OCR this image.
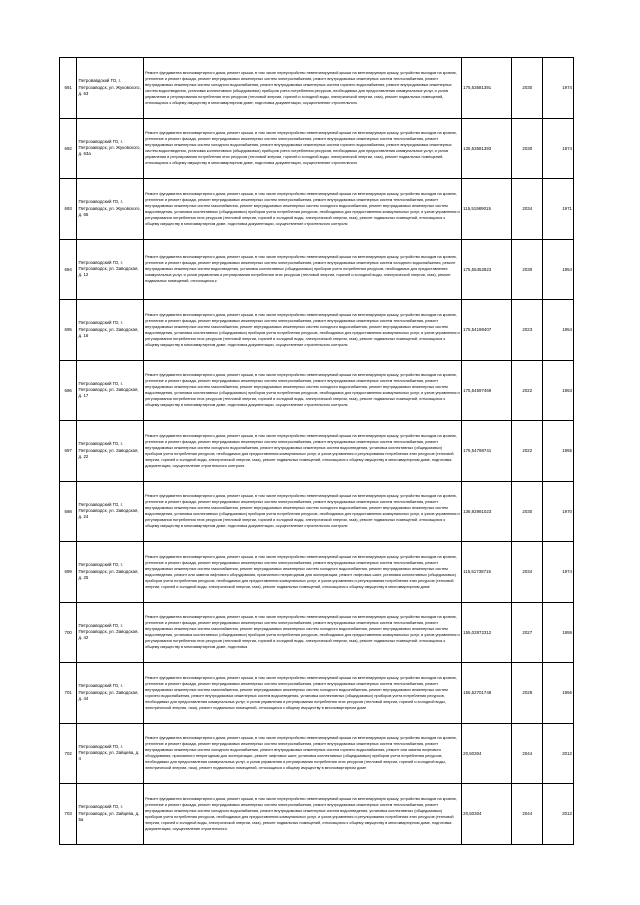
691	Петровавдский ГО, г. Петрозаводск, ул. Жуковского, д. 63	Ремонт фундамента многоквартирного дома, ремонт крыши, в том числе переустройство невентилируемой крыши на вентилируемую крышу, устройство выходов на кровлю, утепление и ремонт фасада, ремонт внутридомовых инженерных систем электроснабжения, ремонт внутридомовых инженерных систем теплоснабжения, ремонт внутридомовых инженерных систем холодного водоснабжения, ремонт внутридомовых инженерных систем горячего водоснабжения, ремонт внутридомовых инженерных систем водоотведения, установка коллективных (общедомовых) приборов учета потребления ресурсов, необходимых для предоставления коммунальных услуг, и узлов управления и регулирования потребления этих ресурсов (тепловой энергии, горячей и холодной воды, электрической энергии, газа), ремонт подвальных помещений, относящихся к общему имуществу в многоквартирном доме, подготовка документации, осуществление строительного	175,53581391	2030	1974
692	Петрозаводский ГО, г. Петрозаводск, ул. Жуковского, д. 63а	Ремонт фундамента многоквартирного дома, ремонт крыши, в том числе переустройство невентилируемой крыши на вентилируемую крышу, устройство выходов на кровлю, утепление и ремонт фасада, ремонт внутридомовых инженерных систем электроснабжения, ремонт внутридомовых инженерных систем теплоснабжения, ремонт внутридомовых инженерных систем холодного водоснабжения, ремонт внутридомовых инженерных систем горячего водоснабжения, ремонт внутридомовых инженерных систем водоотведения, установка коллективных (общедомовых) приборов учета потребления ресурсов, необходимых для предоставления коммунальных услуг, и узлов управления и регулирования потребления этих ресурсов (тепловой энергии, горячей и холодной воды, электрической энергии, газа), ремонт подвальных помещений, относящихся к общему имуществу в многоквартирном доме, подготовка документации, осуществление строительного	135,53581393	2030	1974
693	Петрозаводский ГО, г. Петрозаводск, ул. Жуковского, д. 65	Ремонт фундамента многоквартирного дома, ремонт крыши, в том числе переустройство невентилируемой крыши на вентилируемую крышу, устройство выходов на кровлю, утепление и ремонт фасада, ремонт внутридомовых инженерных систем электроснабжения, ремонт внутридомовых инженерных систем теплоснабжения, ремонт внутридомовых инженерных систем газоснабжения, ремонт внутридомовых инженерных систем холодного водоснабжения, ремонт внутридомовых инженерных систем водоотведения, установка коллективных (общедомовых) приборов учета потребления ресурсов, необходимых для предоставления коммунальных услуг, и узлов управления и регулирования потребления этих ресурсов (тепловой энергии, горячей и холодной воды, электрической энергии, газа), ремонт подвальных помещений, относящихся к общему имуществу в многоквартирном доме, подготовка документации, осуществление строительного контроля	115,51989015	2034	1971
694	Петрозаводский ГО, г. Петрозаводск, ул. Заводская, д. 12	Ремонт фундамента многоквартирного дома, ремонт крыши, в том числе переустройство невентилируемой крыши на вентилируемую крышу, устройство выходов на кровлю, утепление и ремонт фасада, ремонт внутридомовых инженерных систем электроснабжения, ремонт внутридомовых инженерных систем холодного водоснабжения, ремонт внутридомовых инженерных систем водоотведения, установка коллективных (общедомовых) приборов учета потребления ресурсов, необходимых для предоставления коммунальных услуг, и узлов управления и регулирования потребления этих ресурсов (тепловой энергии, горячей и холодной воды, электрической энергии, газа), ремонт подвальных помещений, относящихся к	175,55452823	2030	1954
695	Петрозаводский ГО, г. Петрозаводск, ул. Заводская, д. 16	Ремонт фундамента многоквартирного дома, ремонт крыши, в том числе переустройство невентилируемой крыши на вентилируемую крышу, устройство выходов на кровлю, утепление и ремонт фасада, ремонт внутридомовых инженерных систем электроснабжения, ремонт внутридомовых инженерных систем теплоснабжения, ремонт внутридомовых инженерных систем газоснабжения, ремонт внутридомовых инженерных систем холодного водоснабжения, ремонт внутридомовых инженерных систем водоотведения, установка коллективных (общедомовых) приборов учета потребления ресурсов, необходимых для предоставления коммунальных услуг, и узлов управления и регулирования потребления этих ресурсов (тепловой энергии, горячей и холодной воды, электрической энергии, газа), ремонт подвальных помещений, относящихся к общему имуществу в многоквартирном доме, подготовка документации, осуществление строительного контроля	175,54198407	2023	1954
696	Петрозаводский ГО, г. Петрозаводск, ул. Заводская, д. 17	Ремонт фундамента многоквартирного дома, ремонт крыши, в том числе переустройство невентилируемой крыши на вентилируемую крышу, устройство выходов на кровлю, утепление и ремонт фасада, ремонт внутридомовых инженерных систем электроснабжения, ремонт внутридомовых инженерных систем теплоснабжения, ремонт внутридомовых инженерных систем газоснабжения, ремонт внутридомовых инженерных систем холодного водоснабжения, ремонт внутридомовых инженерных систем водоотведения, установка коллективных (общедомовых) приборов учета потребления ресурсов, необходимых для предоставления коммунальных услуг, и узлов управления и регулирования потребления этих ресурсов (тепловой энергии, горячей и холодной воды, электрической энергии, газа), ремонт подвальных помещений, относящихся к общему имуществу в многоквартирном доме, подготовка документации, осуществление строительного контроля	175,54597469	2022	1953
697	Петрозаводский ГО, г. Петрозаводск, ул. Заводская, д. 22	Ремонт фундамента многоквартирного дома, ремонт крыши, в том числе переустройство невентилируемой крыши на вентилируемую крышу, устройство выходов на кровлю, утепление и ремонт фасада, ремонт внутридомовых инженерных систем электроснабжения, ремонт внутридомовых инженерных систем теплоснабжения, ремонт внутридомовых инженерных систем холодного водоснабжения, ремонт внутридомовых инженерных систем водоотведения, установка коллективных (общедомовых) приборов учета потребления ресурсов, необходимых для предоставления коммунальных услуг, и узлов управления и регулирования потребления этих ресурсов (тепловой энергии, горячей и холодной воды, электрической энергии, газа), ремонт подвальных помещений, относящихся к общему имуществу в многоквартирном доме, подготовка документации, осуществление строительного контроля	175,54798741	2022	1955
698	Петрозаводский ГО, г. Петрозаводск, ул. Заводская, д. 24	Ремонт фундамента многоквартирного дома, ремонт крыши, в том числе переустройство невентилируемой крыши на вентилируемую крышу, устройство выходов на кровлю, утепление и ремонт фасада, ремонт внутридомовых инженерных систем электроснабжения, ремонт внутридомовых инженерных систем теплоснабжения, ремонт внутридомовых инженерных систем газоснабжения, ремонт внутридомовых инженерных систем холодного водоснабжения, ремонт внутридомовых инженерных систем водоотведения, установка коллективных (общедомовых) приборов учета потребления ресурсов, необходимых для предоставления коммунальных услуг, и узлов управления и регулирования потребления этих ресурсов (тепловой энергии, горячей и холодной воды, электрической энергии, газа), ремонт подвальных помещений, относящихся к общему имуществу в многоквартирном доме, подготовка документации, осуществление строительного контроля	136,92981023	2030	1970
699	Петрозаводский ГО, г. Петрозаводск, ул. Заводская, д. 25	Ремонт фундамента многоквартирного дома, ремонт крыши, в том числе переустройство невентилируемой крыши на вентилируемую крышу, устройство выходов на кровлю, утепление и ремонт фасада, ремонт внутридомовых инженерных систем электроснабжения, ремонт внутридомовых инженерных систем теплоснабжения, ремонт внутридомовых инженерных систем газоснабжения, ремонт внутридомовых инженерных систем холодного водоснабжения, ремонт внутридомовых инженерных систем водоотведения, ремонт или замена лифтового оборудования, признанного непригодным для эксплуатации, ремонт лифтовых шахт, установка коллективных (общедомовых) приборов учета потребления ресурсов, необходимых для предоставления коммунальных услуг, и узлов управления и регулирования потребления этих ресурсов (тепловой энергии, горячей и холодной воды, электрической энергии, газа), ремонт подвальных помещений, относящихся к общему имуществу в многоквартирном доме	115,51738715	2034	1974
700	Петрозаводский ГО, г. Петрозаводск, ул. Заводская, д. 42	Ремонт фундамента многоквартирного дома, ремонт крыши, в том числе переустройство невентилируемой крыши на вентилируемую крышу, устройство выходов на кровлю, утепление и ремонт фасада, ремонт внутридомовых инженерных систем электроснабжения, ремонт внутридомовых инженерных систем теплоснабжения, ремонт внутридомовых инженерных систем газоснабжения, ремонт внутридомовых инженерных систем холодного водоснабжения, ремонт внутридомовых инженерных систем водоотведения, установка коллективных (общедомовых) приборов учета потребления ресурсов, необходимых для предоставления коммунальных услуг, и узлов управления и регулирования потребления этих ресурсов (тепловой энергии, горячей и холодной воды, электрической энергии, газа), ремонт подвальных помещений, относящихся к общему имуществу в многоквартирном доме, подготовка	155,02872312	2027	1959
701	Петрозаводский ГО, г. Петрозаводск, ул. Заводская, д. 44	Ремонт фундамента многоквартирного дома, ремонт крыши, в том числе переустройство невентилируемой крыши на вентилируемую крышу, устройство выходов на кровлю, утепление и ремонт фасада, ремонт внутридомовых инженерных систем электроснабжения, ремонт внутридомовых инженерных систем теплоснабжения, ремонт внутридомовых инженерных систем газоснабжения, ремонт внутридомовых инженерных систем холодного водоснабжения, ремонт внутридомовых инженерных систем горячего водоснабжения, ремонт внутридомовых инженерных систем водоотведения, установка коллективных (общедомовых) приборов учета потребления ресурсов, необходимых для предоставления коммунальных услуг, и узлов управления и регулирования потребления этих ресурсов (тепловой энергии, горячей и холодной воды, электрической энергии, газа), ремонт подвальных помещений, относящихся к общему имуществу в многоквартирном доме	155,52701748	2028	1956
702	Петрозаводский ГО, г. Петрозаводск, ул. Зайцева, д. 4	Ремонт фундамента многоквартирного дома, ремонт крыши, в том числе переустройство невентилируемой крыши на вентилируемую крышу, устройство выходов на кровлю, утепление и ремонт фасада, ремонт внутридомовых инженерных систем электроснабжения, ремонт внутридомовых инженерных систем теплоснабжения, ремонт внутридомовых инженерных систем холодного водоснабжения, ремонт внутридомовых инженерных систем горячего водоснабжения, ремонт или замена лифтового оборудования, признанного непригодным для эксплуатации, ремонт лифтовых шахт, установка коллективных (общедомовых) приборов учета потребления ресурсов, необходимых для предоставления коммунальных услуг, и узлов управления и регулирования потребления этих ресурсов (тепловой энергии, горячей и холодной воды, электрической энергии, газа), ремонт подвальных помещений, относящихся к общему имуществу в многоквартирном доме	20,50304	2044	2012
703	Петрозаводский ГО, г. Петрозаводск, ул. Зайцева, д. 5а	Ремонт фундамента многоквартирного дома, ремонт крыши, в том числе переустройство невентилируемой крыши на вентилируемую крышу, устройство выходов на кровлю, утепление и ремонт фасада, ремонт внутридомовых инженерных систем электроснабжения, ремонт внутридомовых инженерных систем теплоснабжения, ремонт внутридомовых инженерных систем холодного водоснабжения, ремонт внутридомовых инженерных систем водоотведения, установка коллективных (общедомовых) приборов учета потребления ресурсов, необходимых для предоставления коммунальных услуг, и узлов управления и регулирования потребления этих ресурсов (тепловой энергии, горячей и холодной воды, электрической энергии, газа), ремонт подвальных помещений, относящихся к общему имуществу в многоквартирном доме, подготовка документации, осуществление строительного	20,50304	2044	2012
